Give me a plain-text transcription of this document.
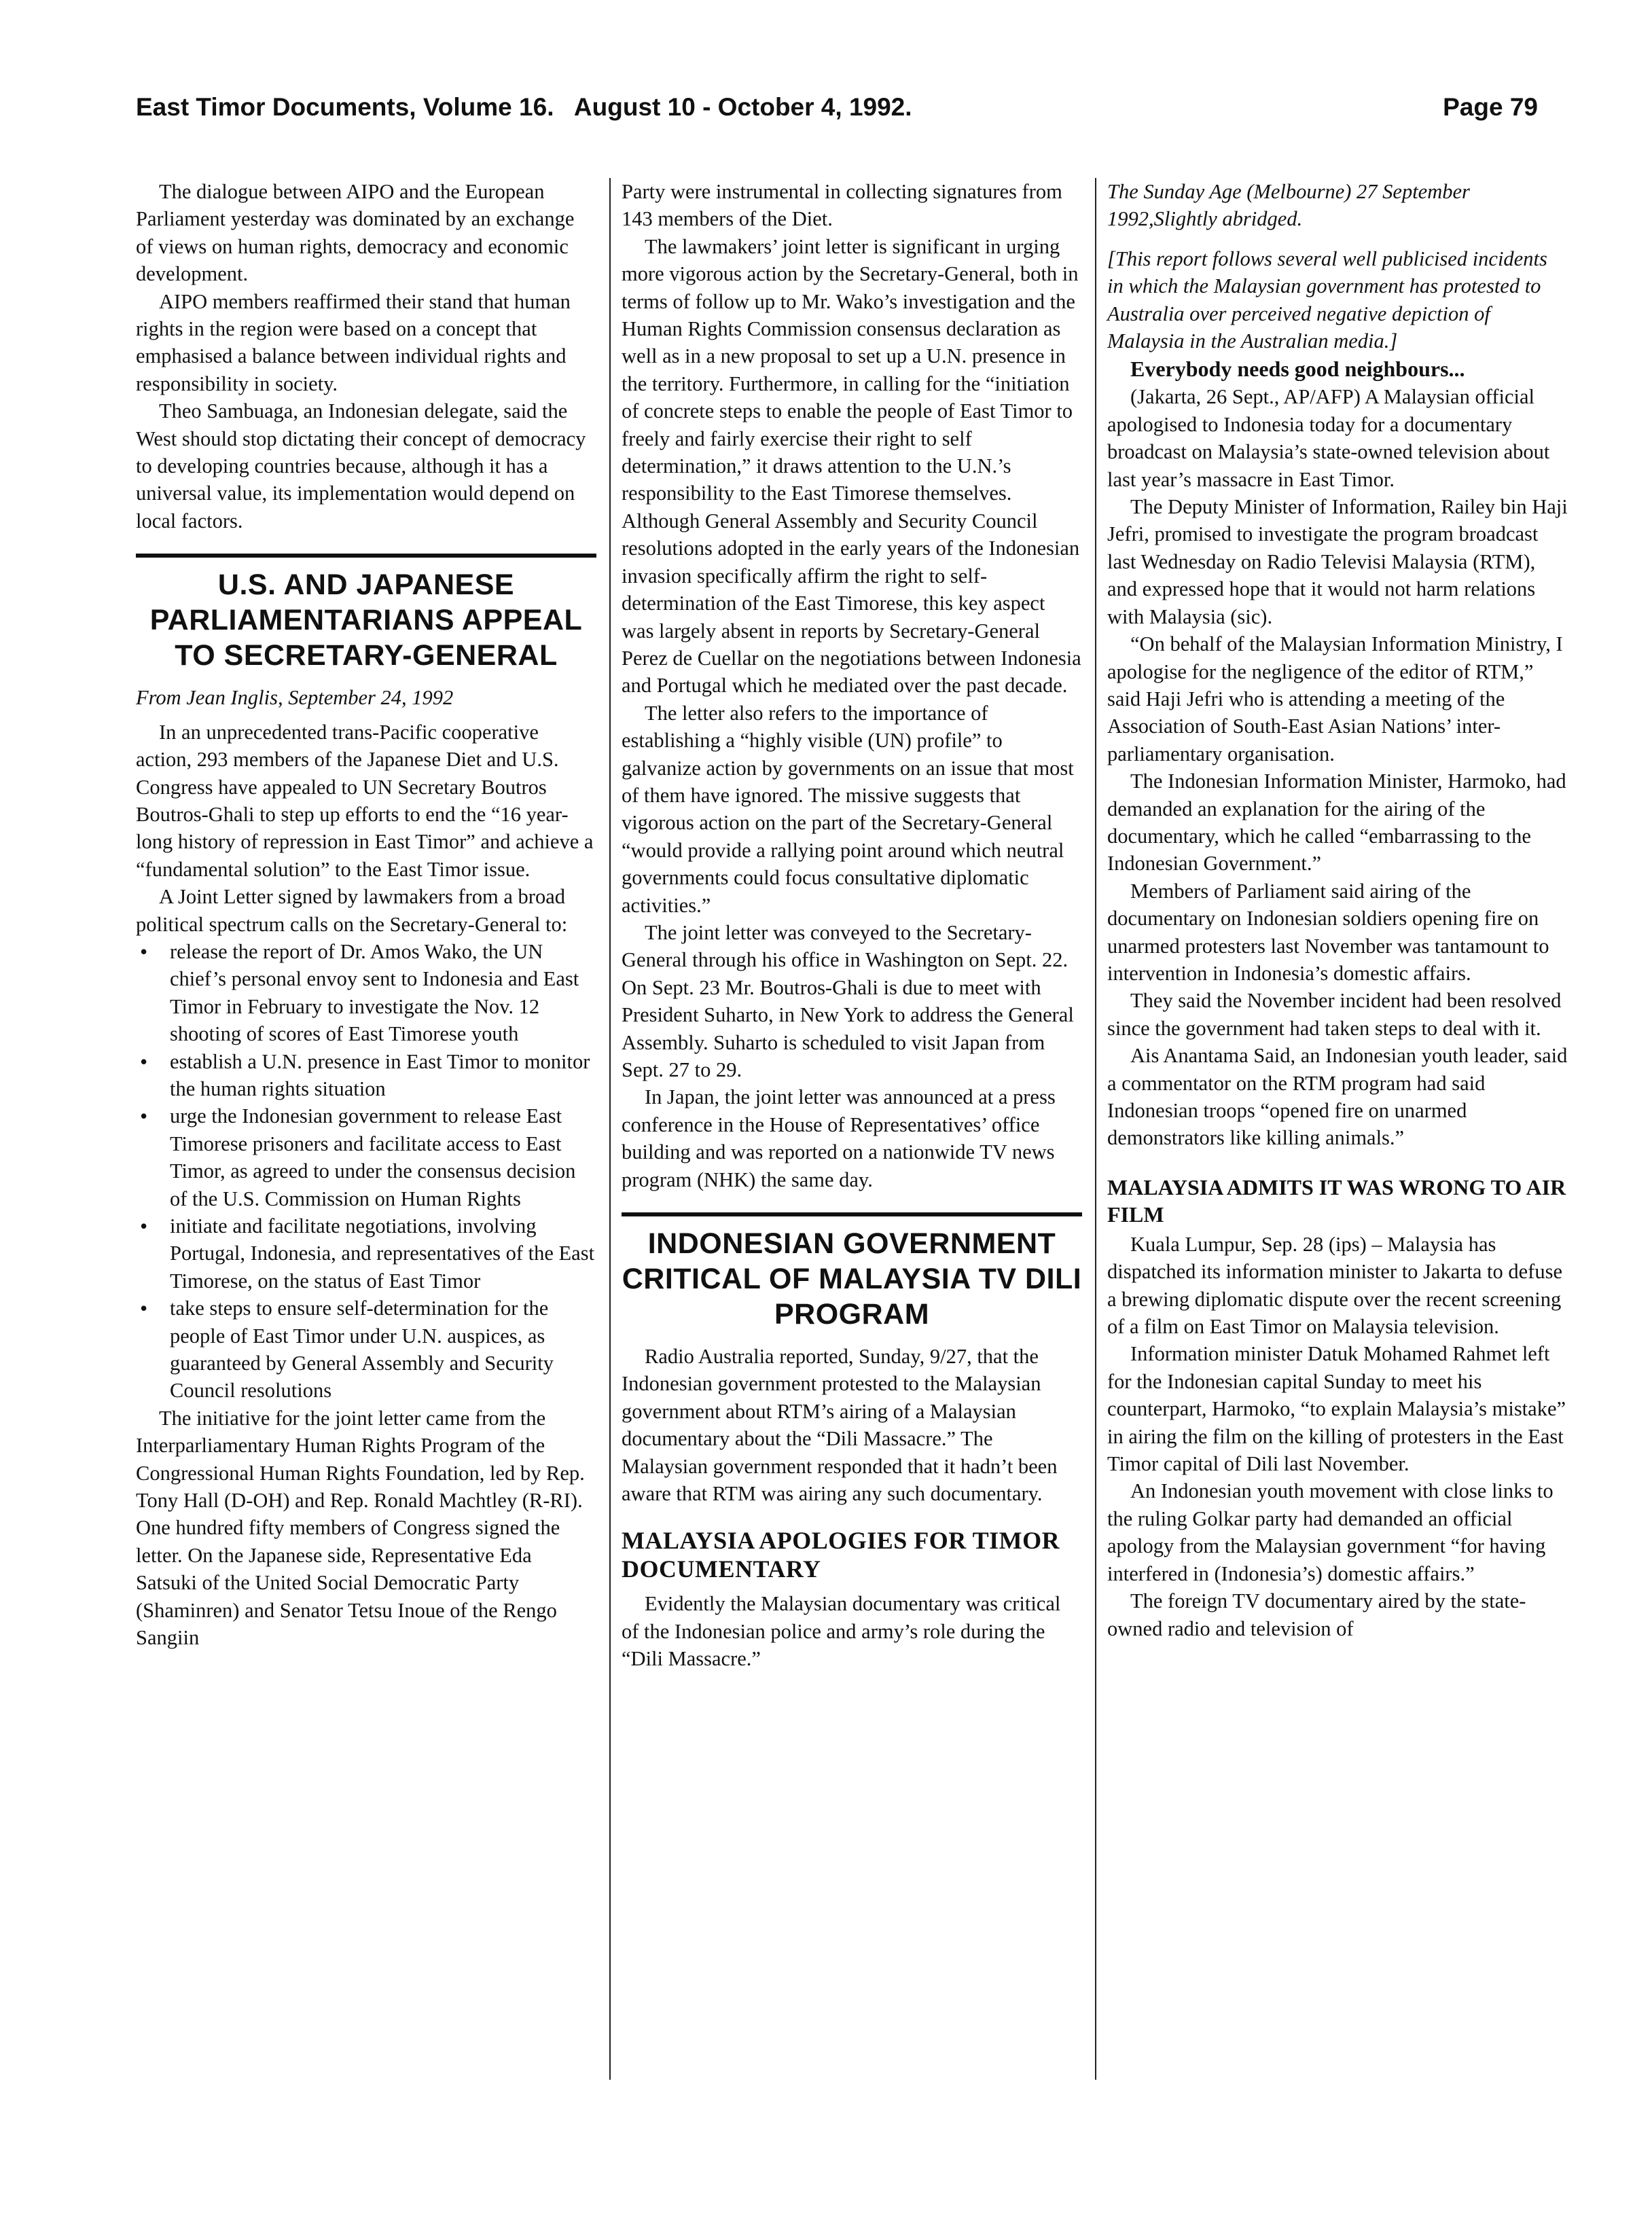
East Timor Documents, Volume 16.   August 10 - October 4, 1992.	Page 79

The dialogue between AIPO and the European Parliament yesterday was dominated by an exchange of views on human rights, democracy and economic development.

AIPO members reaffirmed their stand that human rights in the region were based on a concept that emphasised a balance between individual rights and responsibility in society.

Theo Sambuaga, an Indonesian delegate, said the West should stop dictating their concept of democracy to developing countries because, although it has a universal value, its implementation would depend on local factors.

U.S. AND JAPANESE PARLIAMENTARIANS APPEAL TO SECRETARY-GENERAL

From Jean Inglis, September 24, 1992

In an unprecedented trans-Pacific cooperative action, 293 members of the Japanese Diet and U.S. Congress have appealed to UN Secretary Boutros Boutros-Ghali to step up efforts to end the “16 year-long history of repression in East Timor” and achieve a “fundamental solution” to the East Timor issue.

A Joint Letter signed by lawmakers from a broad political spectrum calls on the Secretary-General to:

• release the report of Dr. Amos Wako, the UN chief’s personal envoy sent to Indonesia and East Timor in February to investigate the Nov. 12 shooting of scores of East Timorese youth
• establish a U.N. presence in East Timor to monitor the human rights situation
• urge the Indonesian government to release East Timorese prisoners and facilitate access to East Timor, as agreed to under the consensus decision of the U.S. Commission on Human Rights
• initiate and facilitate negotiations, involving Portugal, Indonesia, and representatives of the East Timorese, on the status of East Timor
• take steps to ensure self-determination for the people of East Timor under U.N. auspices, as guaranteed by General Assembly and Security Council resolutions

The initiative for the joint letter came from the Interparliamentary Human Rights Program of the Congressional Human Rights Foundation, led by Rep. Tony Hall (D-OH) and Rep. Ronald Machtley (R-RI). One hundred fifty members of Congress signed the letter. On the Japanese side, Representative Eda Satsuki of the United Social Democratic Party (Shaminren) and Senator Tetsu Inoue of the Rengo Sangiin

Party were instrumental in collecting signatures from 143 members of the Diet.

The lawmakers’ joint letter is significant in urging more vigorous action by the Secretary-General, both in terms of follow up to Mr. Wako’s investigation and the Human Rights Commission consensus declaration as well as in a new proposal to set up a U.N. presence in the territory. Furthermore, in calling for the “initiation of concrete steps to enable the people of East Timor to freely and fairly exercise their right to self determination,” it draws attention to the U.N.’s responsibility to the East Timorese themselves. Although General Assembly and Security Council resolutions adopted in the early years of the Indonesian invasion specifically affirm the right to self-determination of the East Timorese, this key aspect was largely absent in reports by Secretary-General Perez de Cuellar on the negotiations between Indonesia and Portugal which he mediated over the past decade.

The letter also refers to the importance of establishing a “highly visible (UN) profile” to galvanize action by governments on an issue that most of them have ignored. The missive suggests that vigorous action on the part of the Secretary-General “would provide a rallying point around which neutral governments could focus consultative diplomatic activities.”

The joint letter was conveyed to the Secretary-General through his office in Washington on Sept. 22. On Sept. 23 Mr. Boutros-Ghali is due to meet with President Suharto, in New York to address the General Assembly. Suharto is scheduled to visit Japan from Sept. 27 to 29.

In Japan, the joint letter was announced at a press conference in the House of Representatives’ office building and was reported on a nationwide TV news program (NHK) the same day.

INDONESIAN GOVERNMENT CRITICAL OF MALAYSIA TV DILI PROGRAM

Radio Australia reported, Sunday, 9/27, that the Indonesian government protested to the Malaysian government about RTM’s airing of a Malaysian documentary about the “Dili Massacre.” The Malaysian government responded that it hadn’t been aware that RTM was airing any such documentary.

MALAYSIA APOLOGIES FOR TIMOR DOCUMENTARY

Evidently the Malaysian documentary was critical of the Indonesian police and army’s role during the “Dili Massacre.”

The Sunday Age (Melbourne) 27 September 1992,Slightly abridged.

[This report follows several well publicised incidents in which the Malaysian government has protested to Australia over perceived negative depiction of Malaysia in the Australian media.]

Everybody needs good neighbours...

(Jakarta, 26 Sept., AP/AFP) A Malaysian official apologised to Indonesia today for a documentary broadcast on Malaysia’s state-owned television about last year’s massacre in East Timor.

The Deputy Minister of Information, Railey bin Haji Jefri, promised to investigate the program broadcast last Wednesday on Radio Televisi Malaysia (RTM), and expressed hope that it would not harm relations with Malaysia (sic).

“On behalf of the Malaysian Information Ministry, I apologise for the negligence of the editor of RTM,” said Haji Jefri who is attending a meeting of the Association of South-East Asian Nations’ inter-parliamentary organisation.

The Indonesian Information Minister, Harmoko, had demanded an explanation for the airing of the documentary, which he called “embarrassing to the Indonesian Government.”

Members of Parliament said airing of the documentary on Indonesian soldiers opening fire on unarmed protesters last November was tantamount to intervention in Indonesia’s domestic affairs.

They said the November incident had been resolved since the government had taken steps to deal with it.

Ais Anantama Said, an Indonesian youth leader, said a commentator on the RTM program had said Indonesian troops “opened fire on unarmed demonstrators like killing animals.”

MALAYSIA ADMITS IT WAS WRONG TO AIR FILM

Kuala Lumpur, Sep. 28 (ips) – Malaysia has dispatched its information minister to Jakarta to defuse a brewing diplomatic dispute over the recent screening of a film on East Timor on Malaysia television.

Information minister Datuk Mohamed Rahmet left for the Indonesian capital Sunday to meet his counterpart, Harmoko, “to explain Malaysia’s mistake” in airing the film on the killing of protesters in the East Timor capital of Dili last November.

An Indonesian youth movement with close links to the ruling Golkar party had demanded an official apology from the Malaysian government “for having interfered in (Indonesia’s) domestic affairs.”

The foreign TV documentary aired by the state-owned radio and television of
